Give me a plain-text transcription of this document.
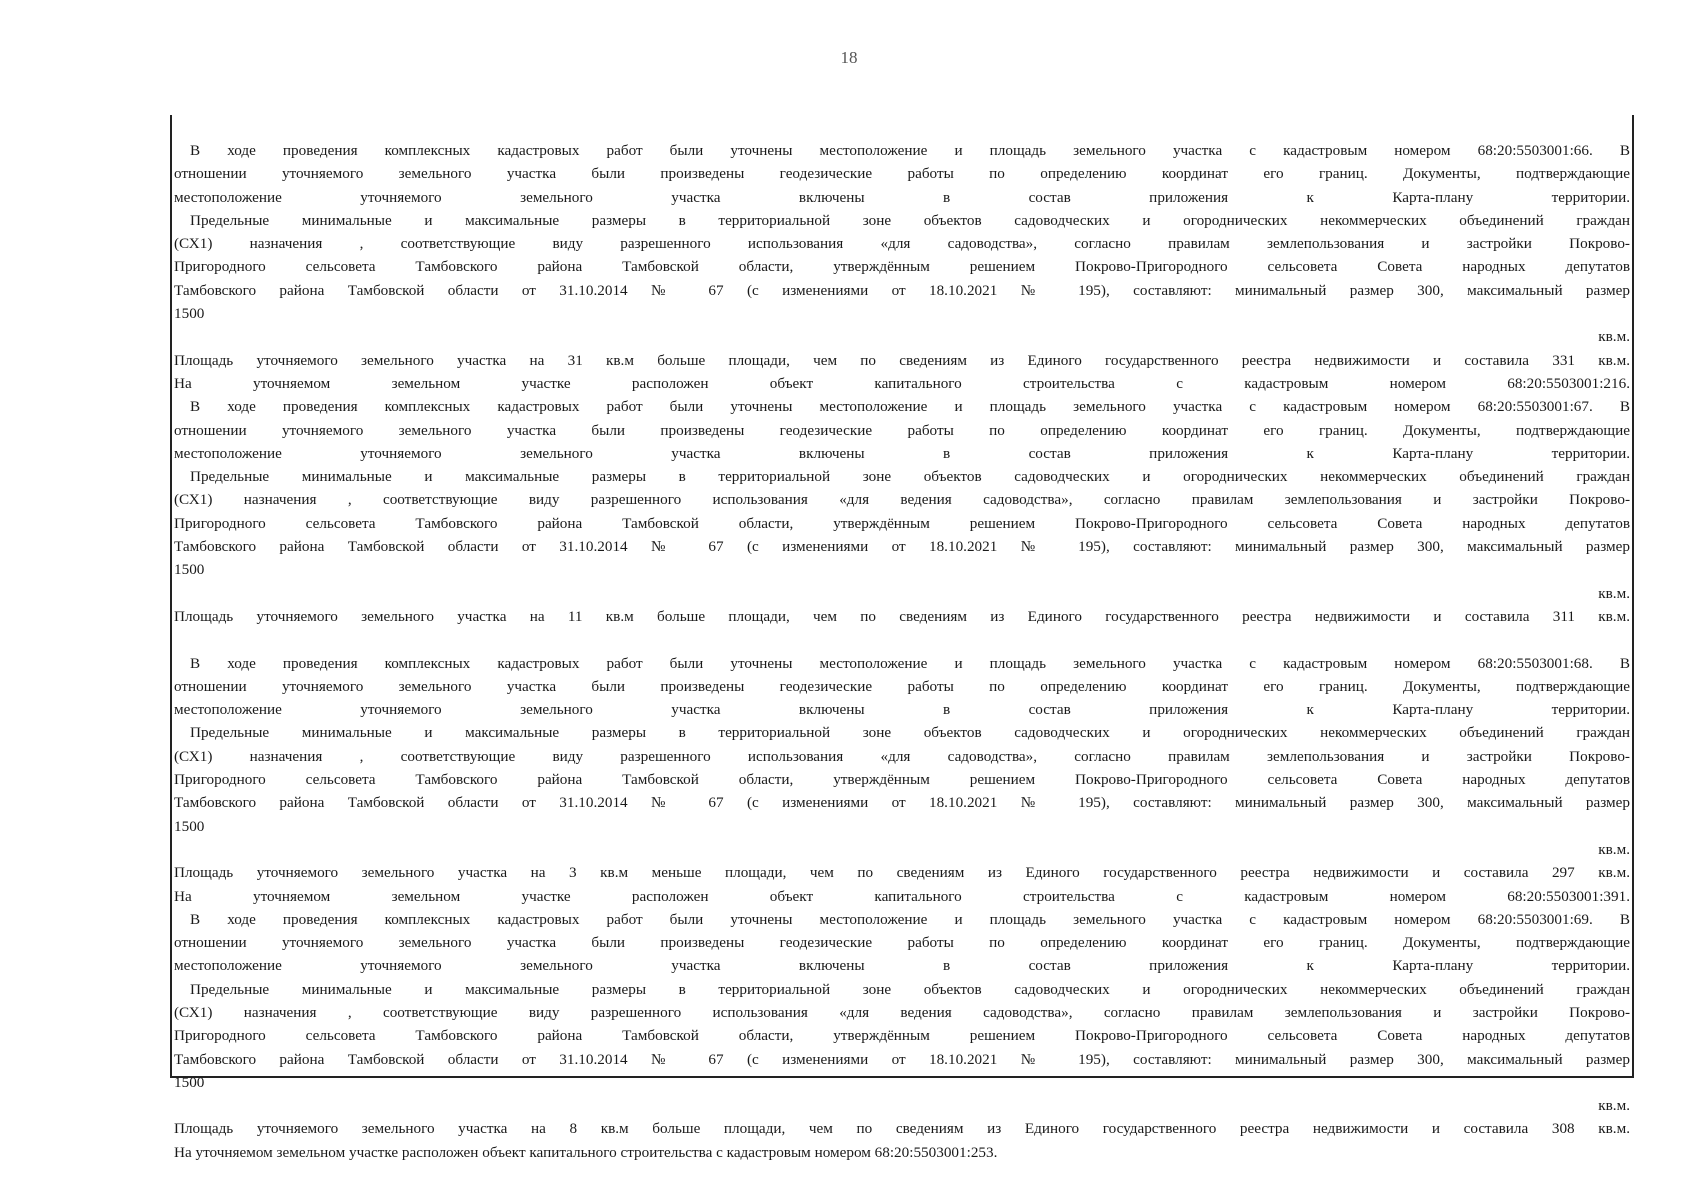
18
В ходе проведения комплексных кадастровых работ были уточнены местоположение и площадь земельного участка с кадастровым номером 68:20:5503001:66. В
отношении уточняемого земельного участка были произведены геодезические работы по определению координат его границ. Документы, подтверждающие
местоположение уточняемого земельного участка включены в состав приложения к Карта-плану территории.
Предельные минимальные и максимальные размеры в территориальной зоне объектов садоводческих и огороднических некоммерческих объединений граждан
(СХ1) назначения , соответствующие виду разрешенного использования «для садоводства», согласно правилам землепользования и застройки Покрово-
Пригородного сельсовета Тамбовского района Тамбовской области, утверждённым решением Покрово-Пригородного сельсовета Совета народных депутатов
Тамбовского района Тамбовской области от 31.10.2014 № 67 (с изменениями от 18.10.2021 № 195), составляют: минимальный размер 300, максимальный размер
1500
кв.м.
Площадь уточняемого земельного участка на 31 кв.м больше площади, чем по сведениям из Единого государственного реестра недвижимости и составила 331 кв.м.
На уточняемом земельном участке расположен объект капитального строительства с кадастровым номером 68:20:5503001:216.
В ходе проведения комплексных кадастровых работ были уточнены местоположение и площадь земельного участка с кадастровым номером 68:20:5503001:67. В
отношении уточняемого земельного участка были произведены геодезические работы по определению координат его границ. Документы, подтверждающие
местоположение уточняемого земельного участка включены в состав приложения к Карта-плану территории.
Предельные минимальные и максимальные размеры в территориальной зоне объектов садоводческих и огороднических некоммерческих объединений граждан
(СХ1) назначения , соответствующие виду разрешенного использования «для ведения садоводства», согласно правилам землепользования и застройки Покрово-
Пригородного сельсовета Тамбовского района Тамбовской области, утверждённым решением Покрово-Пригородного сельсовета Совета народных депутатов
Тамбовского района Тамбовской области от 31.10.2014 № 67 (с изменениями от 18.10.2021 № 195), составляют: минимальный размер 300, максимальный размер
1500
кв.м.
Площадь уточняемого земельного участка на 11 кв.м больше площади, чем по сведениям из Единого государственного реестра недвижимости и составила 311 кв.м.
В ходе проведения комплексных кадастровых работ были уточнены местоположение и площадь земельного участка с кадастровым номером 68:20:5503001:68. В
отношении уточняемого земельного участка были произведены геодезические работы по определению координат его границ. Документы, подтверждающие
местоположение уточняемого земельного участка включены в состав приложения к Карта-плану территории.
Предельные минимальные и максимальные размеры в территориальной зоне объектов садоводческих и огороднических некоммерческих объединений граждан
(СХ1) назначения , соответствующие виду разрешенного использования «для садоводства», согласно правилам землепользования и застройки Покрово-
Пригородного сельсовета Тамбовского района Тамбовской области, утверждённым решением Покрово-Пригородного сельсовета Совета народных депутатов
Тамбовского района Тамбовской области от 31.10.2014 № 67 (с изменениями от 18.10.2021 № 195), составляют: минимальный размер 300, максимальный размер
1500
кв.м.
Площадь уточняемого земельного участка на 3 кв.м меньше площади, чем по сведениям из Единого государственного реестра недвижимости и составила 297 кв.м.
На уточняемом земельном участке расположен объект капитального строительства с кадастровым номером 68:20:5503001:391.
В ходе проведения комплексных кадастровых работ были уточнены местоположение и площадь земельного участка с кадастровым номером 68:20:5503001:69. В
отношении уточняемого земельного участка были произведены геодезические работы по определению координат его границ. Документы, подтверждающие
местоположение уточняемого земельного участка включены в состав приложения к Карта-плану территории.
Предельные минимальные и максимальные размеры в территориальной зоне объектов садоводческих и огороднических некоммерческих объединений граждан
(СХ1) назначения , соответствующие виду разрешенного использования «для ведения садоводства», согласно правилам землепользования и застройки Покрово-
Пригородного сельсовета Тамбовского района Тамбовской области, утверждённым решением Покрово-Пригородного сельсовета Совета народных депутатов
Тамбовского района Тамбовской области от 31.10.2014 № 67 (с изменениями от 18.10.2021 № 195), составляют: минимальный размер 300, максимальный размер
1500
кв.м.
Площадь уточняемого земельного участка на 8 кв.м больше площади, чем по сведениям из Единого государственного реестра недвижимости и составила 308 кв.м.
На уточняемом земельном участке расположен объект капитального строительства с кадастровым номером 68:20:5503001:253.
